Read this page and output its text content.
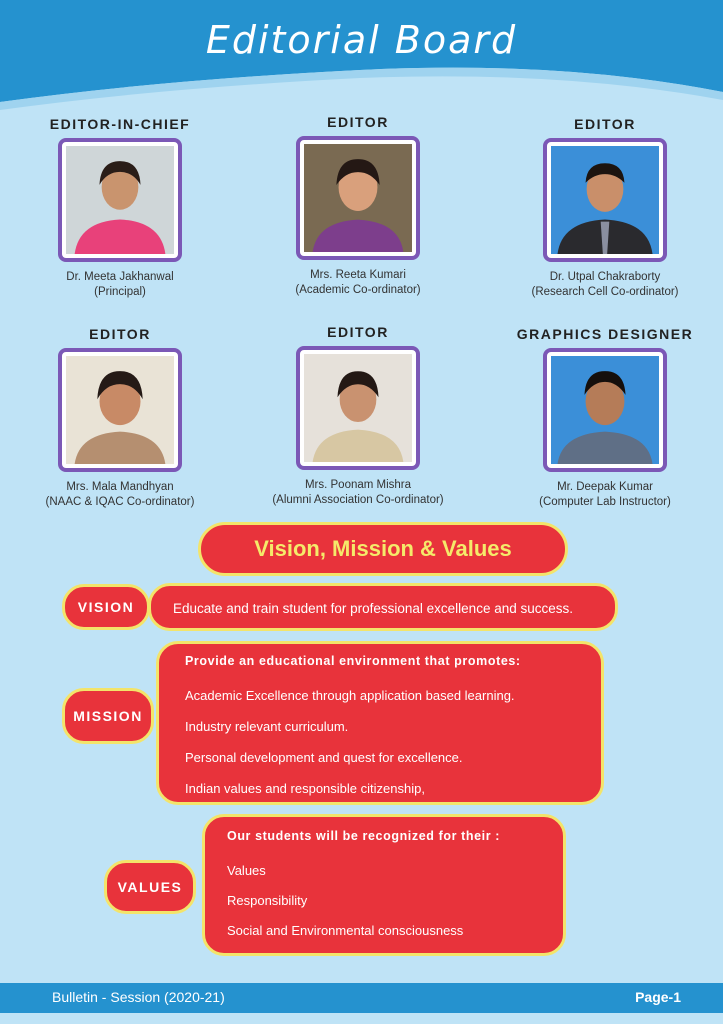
Editorial Board
EDITOR-IN-CHIEF
Dr. Meeta Jakhanwal
(Principal)
EDITOR
Mrs. Reeta Kumari
(Academic Co-ordinator)
EDITOR
Dr. Utpal Chakraborty
(Research Cell Co-ordinator)
EDITOR
Mrs. Mala Mandhyan
(NAAC & IQAC Co-ordinator)
EDITOR
Mrs. Poonam Mishra
(Alumni Association Co-ordinator)
GRAPHICS DESIGNER
Mr. Deepak Kumar
(Computer Lab Instructor)
Vision, Mission & Values
Educate and train student for professional excellence and success.
VISION
Provide an educational environment that promotes:
Academic Excellence through application based learning.
Industry relevant curriculum.
Personal development and quest for excellence.
Indian values and responsible citizenship,
MISSION
Our students will be recognized for their :
Values
Responsibility
Social and Environmental consciousness
VALUES
Bulletin - Session (2020-21)	Page-1
